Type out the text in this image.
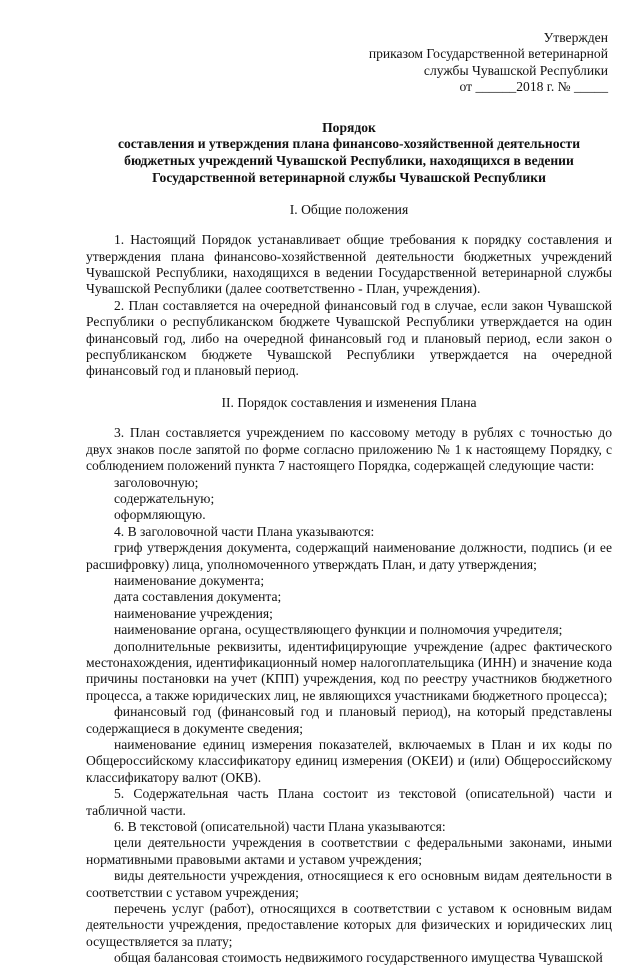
Утвержден
приказом Государственной ветеринарной
службы Чувашской Республики
от ______2018 г. № _____
Порядок
составления и утверждения плана финансово-хозяйственной деятельности
бюджетных учреждений Чувашской Республики, находящихся в ведении
Государственной ветеринарной службы Чувашской Республики
I. Общие положения

1. Настоящий Порядок устанавливает общие требования к порядку составления и утверждения плана финансово-хозяйственной деятельности бюджетных учреждений Чувашской Республики, находящихся в ведении Государственной ветеринарной службы Чувашской Республики (далее соответственно - План, учреждения).

2. План составляется на очередной финансовый год в случае, если закон Чувашской Республики о республиканском бюджете Чувашской Республики утверждается на один финансовый год, либо на очередной финансовый год и плановый период, если закон о республиканском бюджете Чувашской Республики утверждается на очередной финансовый год и плановый период.

II. Порядок составления и изменения Плана

3. План составляется учреждением по кассовому методу в рублях с точностью до двух знаков после запятой по форме согласно приложению № 1 к настоящему Порядку, с соблюдением положений пункта 7 настоящего Порядка, содержащей следующие части:

заголовочную;

содержательную;

оформляющую.

4. В заголовочной части Плана указываются:

гриф утверждения документа, содержащий наименование должности, подпись (и ее расшифровку) лица, уполномоченного утверждать План, и дату утверждения;

наименование документа;

дата составления документа;

наименование учреждения;

наименование органа, осуществляющего функции и полномочия учредителя;

дополнительные реквизиты, идентифицирующие учреждение (адрес фактического местонахождения, идентификационный номер налогоплательщика (ИНН) и значение кода причины постановки на учет (КПП) учреждения, код по реестру участников бюджетного процесса, а также юридических лиц, не являющихся участниками бюджетного процесса);

финансовый год (финансовый год и плановый период), на который представлены содержащиеся в документе сведения;

наименование единиц измерения показателей, включаемых в План и их коды по Общероссийскому классификатору единиц измерения (ОКЕИ) и (или) Общероссийскому классификатору валют (ОКВ).

5. Содержательная часть Плана состоит из текстовой (описательной) части и табличной части.

6. В текстовой (описательной) части Плана указываются:

цели деятельности учреждения в соответствии с федеральными законами, иными нормативными правовыми актами и уставом учреждения;

виды деятельности учреждения, относящиеся к его основным видам деятельности в соответствии с уставом учреждения;

перечень услуг (работ), относящихся в соответствии с уставом к основным видам деятельности учреждения, предоставление которых для физических и юридических лиц осуществляется за плату;

общая балансовая стоимость недвижимого государственного имущества Чувашской
